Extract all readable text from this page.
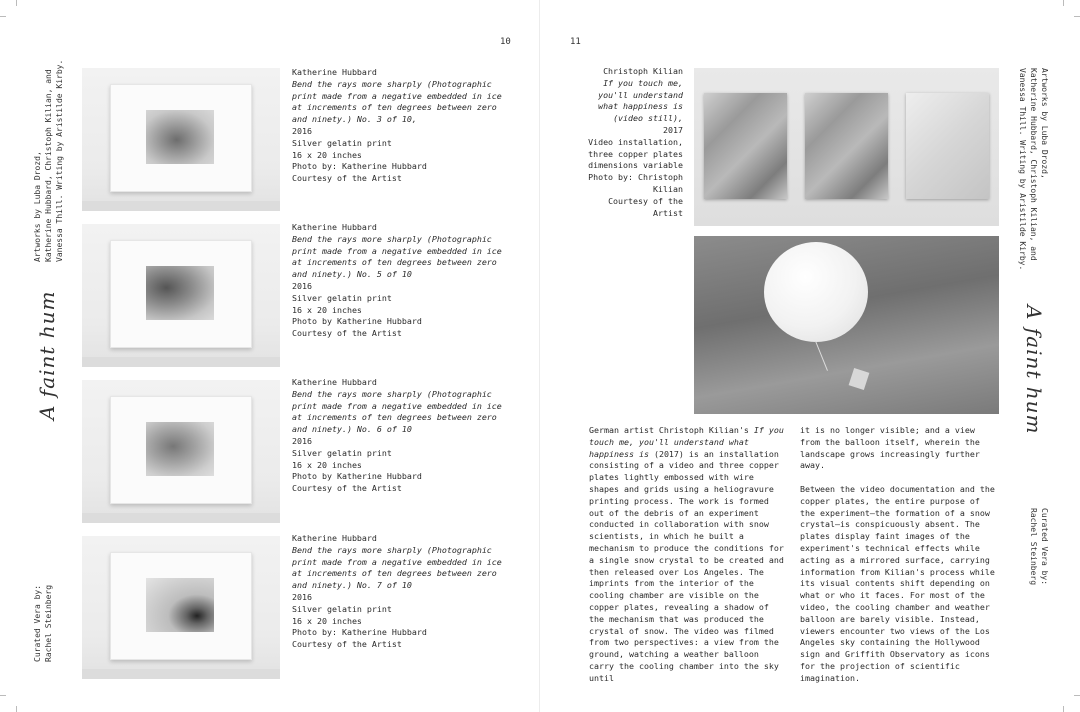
10	11
Artworks by Luba Drozd, Katherine Hubbard, Christoph Kilian, and Vanessa Thill. Writing by Aristilde Kirby.
A faint hum
Curated Vera by: Rachel Steinberg
Katherine Hubbard
Bend the rays more sharply (Photographic print made from a negative embedded in ice at increments of ten degrees between zero and ninety.) No. 3 of 10,
2016
Silver gelatin print
16 x 20 inches
Photo by: Katherine Hubbard
Courtesy of the Artist
Katherine Hubbard
Bend the rays more sharply (Photographic print made from a negative embedded in ice at increments of ten degrees between zero and ninety.) No. 5 of 10
2016
Silver gelatin print
16 x 20 inches
Photo by Katherine Hubbard
Courtesy of the Artist
Katherine Hubbard
Bend the rays more sharply (Photographic print made from a negative embedded in ice at increments of ten degrees between zero and ninety.) No. 6 of 10
2016
Silver gelatin print
16 x 20 inches
Photo by Katherine Hubbard
Courtesy of the Artist
Katherine Hubbard
Bend the rays more sharply (Photographic print made from a negative embedded in ice at increments of ten degrees between zero and ninety.) No. 7 of 10
2016
Silver gelatin print
16 x 20 inches
Photo by: Katherine Hubbard
Courtesy of the Artist
Christoph Kilian
If you touch me, you'll understand what happiness is (video still),
2017
Video installation, three copper plates dimensions variable
Photo by: Christoph Kilian
Courtesy of the Artist

German artist Christoph Kilian's If you touch me, you'll understand what happiness is (2017) is an installation consisting of a video and three copper plates lightly embossed with wire shapes and grids using a heliogravure printing process. The work is formed out of the debris of an experiment conducted in collaboration with snow scientists, in which he built a mechanism to produce the conditions for a single snow crystal to be created and then released over Los Angeles. The imprints from the interior of the cooling chamber are visible on the copper plates, revealing a shadow of the mechanism that was produced the crystal of snow. The video was filmed from two perspectives: a view from the ground, watching a weather balloon carry the cooling chamber into the sky until

it is no longer visible; and a view from the balloon itself, wherein the landscape grows increasingly further away.

Between the video documentation and the copper plates, the entire purpose of the experiment—the formation of a snow crystal—is conspicuously absent. The plates display faint images of the experiment's technical effects while acting as a mirrored surface, carrying information from Kilian's process while its visual contents shift depending on what or who it faces. For most of the video, the cooling chamber and weather balloon are barely visible. Instead, viewers encounter two views of the Los Angeles sky containing the Hollywood sign and Griffith Observatory as icons for the projection of scientific imagination.

Artworks by Luba Drozd,
Katherine Hubbard, Christoph Kilian, and
Vanessa Thill. Writing by Aristilde Kirby.
A faint hum
Curated Vera by:
Rachel Steinberg
